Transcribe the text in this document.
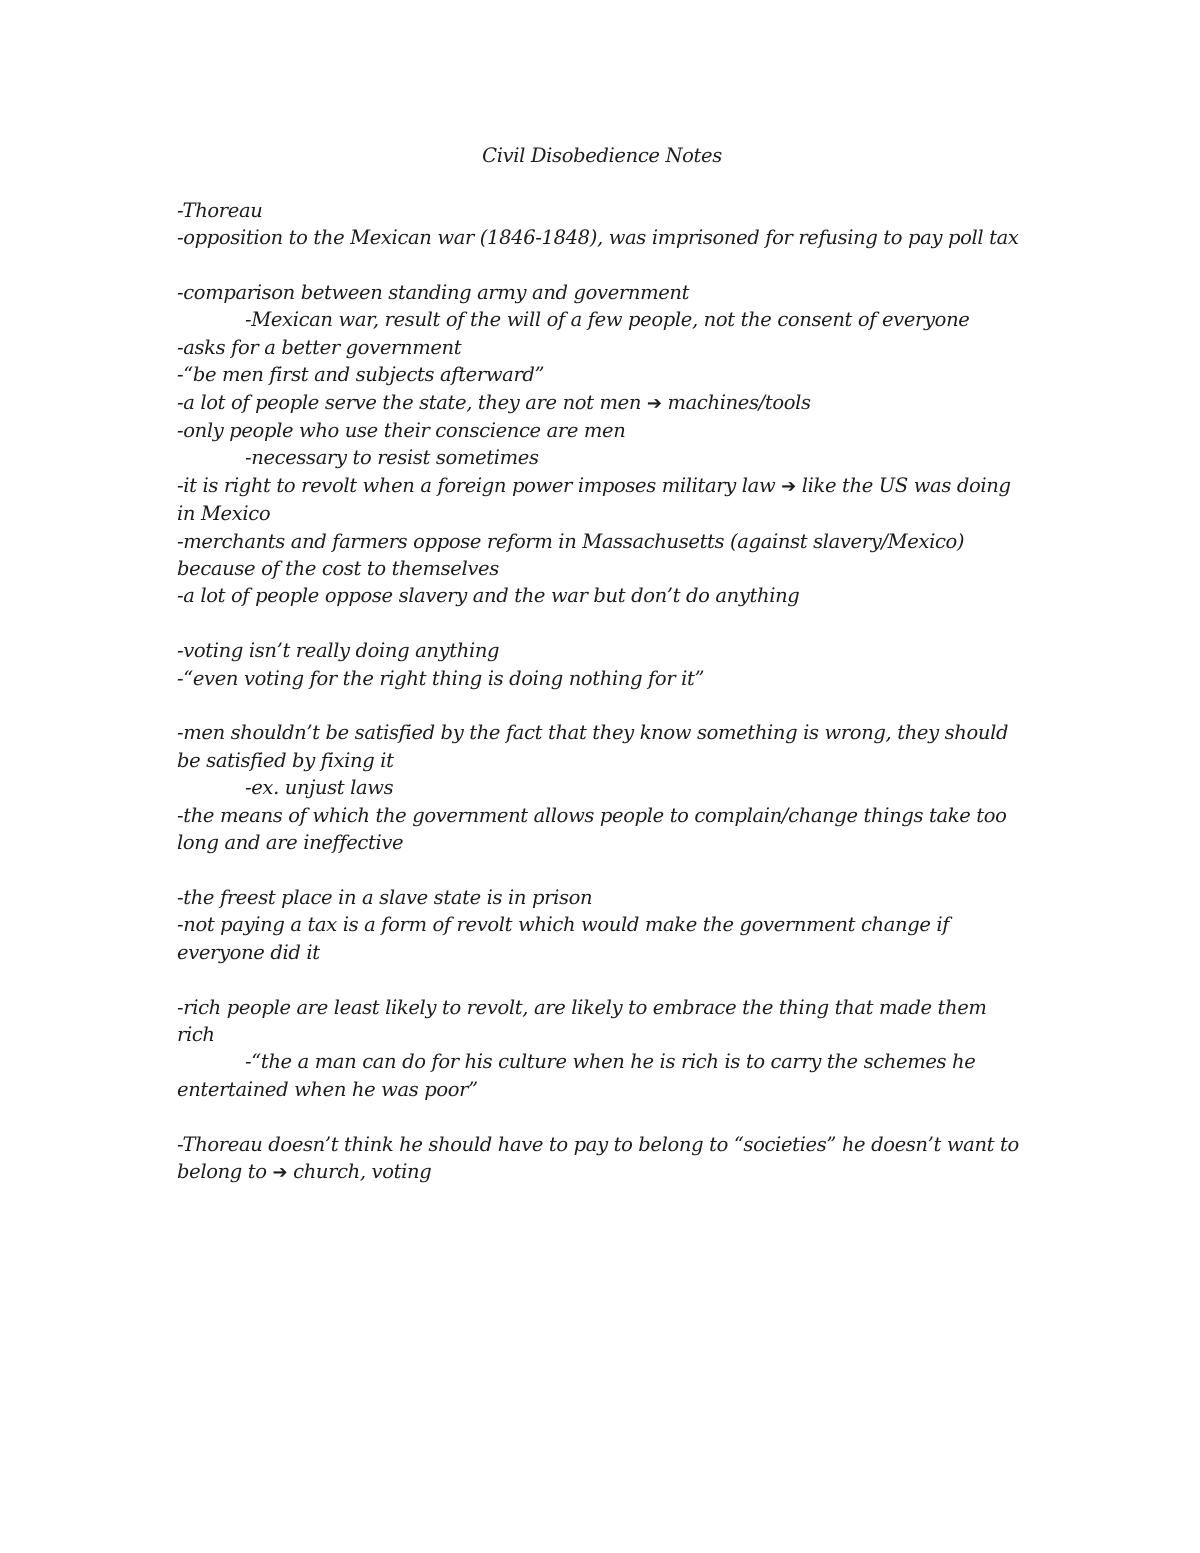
Civil Disobedience Notes
-Thoreau
-opposition to the Mexican war (1846-1848), was imprisoned for refusing to pay poll tax
-comparison between standing army and government
-Mexican war, result of the will of a few people, not the consent of everyone
-asks for a better government
-“be men first and subjects afterward”
-a lot of people serve the state, they are not men ➔ machines/tools
-only people who use their conscience are men
-necessary to resist sometimes
-it is right to revolt when a foreign power imposes military law ➔ like the US was doing in Mexico
-merchants and farmers oppose reform in Massachusetts (against slavery/Mexico) because of the cost to themselves
-a lot of people oppose slavery and the war but don’t do anything
-voting isn’t really doing anything
-“even voting for the right thing is doing nothing for it”
-men shouldn’t be satisfied by the fact that they know something is wrong, they should be satisfied by fixing it
-ex. unjust laws
-the means of which the government allows people to complain/change things take too long and are ineffective
-the freest place in a slave state is in prison
-not paying a tax is a form of revolt which would make the government change if everyone did it
-rich people are least likely to revolt, are likely to embrace the thing that made them rich
-“the a man can do for his culture when he is rich is to carry the schemes he entertained when he was poor”
-Thoreau doesn’t think he should have to pay to belong to “societies” he doesn’t want to belong to ➔ church, voting
